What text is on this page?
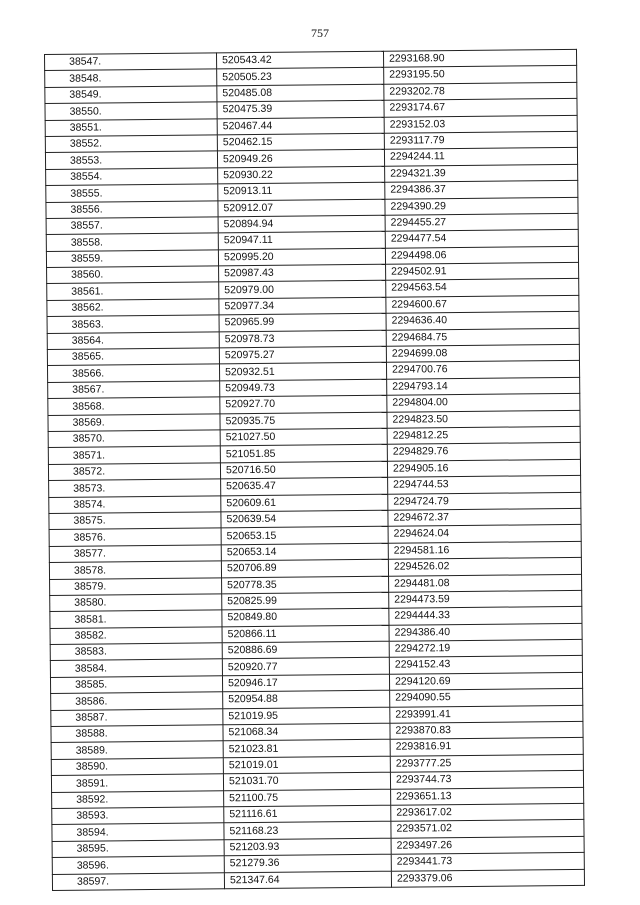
757
38547.	520543.42	2293168.90
38548.	520505.23	2293195.50
38549.	520485.08	2293202.78
38550.	520475.39	2293174.67
38551.	520467.44	2293152.03
38552.	520462.15	2293117.79
38553.	520949.26	2294244.11
38554.	520930.22	2294321.39
38555.	520913.11	2294386.37
38556.	520912.07	2294390.29
38557.	520894.94	2294455.27
38558.	520947.11	2294477.54
38559.	520995.20	2294498.06
38560.	520987.43	2294502.91
38561.	520979.00	2294563.54
38562.	520977.34	2294600.67
38563.	520965.99	2294636.40
38564.	520978.73	2294684.75
38565.	520975.27	2294699.08
38566.	520932.51	2294700.76
38567.	520949.73	2294793.14
38568.	520927.70	2294804.00
38569.	520935.75	2294823.50
38570.	521027.50	2294812.25
38571.	521051.85	2294829.76
38572.	520716.50	2294905.16
38573.	520635.47	2294744.53
38574.	520609.61	2294724.79
38575.	520639.54	2294672.37
38576.	520653.15	2294624.04
38577.	520653.14	2294581.16
38578.	520706.89	2294526.02
38579.	520778.35	2294481.08
38580.	520825.99	2294473.59
38581.	520849.80	2294444.33
38582.	520866.11	2294386.40
38583.	520886.69	2294272.19
38584.	520920.77	2294152.43
38585.	520946.17	2294120.69
38586.	520954.88	2294090.55
38587.	521019.95	2293991.41
38588.	521068.34	2293870.83
38589.	521023.81	2293816.91
38590.	521019.01	2293777.25
38591.	521031.70	2293744.73
38592.	521100.75	2293651.13
38593.	521116.61	2293617.02
38594.	521168.23	2293571.02
38595.	521203.93	2293497.26
38596.	521279.36	2293441.73
38597.	521347.64	2293379.06
